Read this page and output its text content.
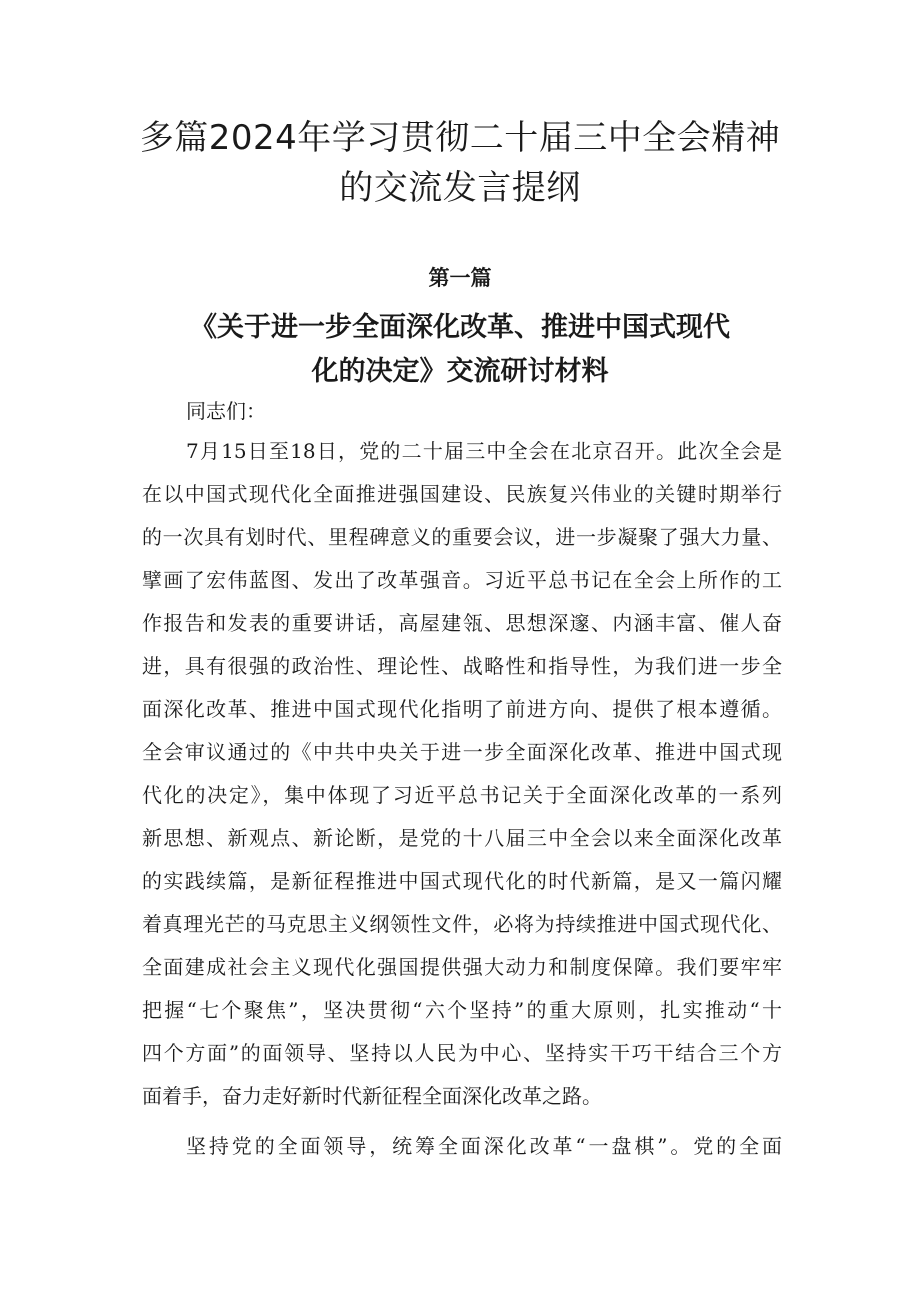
多篇2024年学习贯彻二十届三中全会精神
的交流发言提纲
第一篇
《关于进一步全面深化改革、推进中国式现代
化的决定》交流研讨材料

同志们：

7月15日至18日，党的二十届三中全会在北京召开。此次全会是

在以中国式现代化全面推进强国建设、民族复兴伟业的关键时期举行

的一次具有划时代、里程碑意义的重要会议，进一步凝聚了强大力量、

擘画了宏伟蓝图、发出了改革强音。习近平总书记在全会上所作的工

作报告和发表的重要讲话，高屋建瓴、思想深邃、内涵丰富、催人奋

进，具有很强的政治性、理论性、战略性和指导性，为我们进一步全

面深化改革、推进中国式现代化指明了前进方向、提供了根本遵循。

全会审议通过的《中共中央关于进一步全面深化改革、推进中国式现

代化的决定》，集中体现了习近平总书记关于全面深化改革的一系列

新思想、新观点、新论断，是党的十八届三中全会以来全面深化改革

的实践续篇，是新征程推进中国式现代化的时代新篇，是又一篇闪耀

着真理光芒的马克思主义纲领性文件，必将为持续推进中国式现代化、

全面建成社会主义现代化强国提供强大动力和制度保障。我们要牢牢

把握“七个聚焦”，坚决贯彻“六个坚持”的重大原则，扎实推动“十

四个方面”的面领导、坚持以人民为中心、坚持实干巧干结合三个方

面着手，奋力走好新时代新征程全面深化改革之路。

坚持党的全面领导，统筹全面深化改革“一盘棋”。党的全面
